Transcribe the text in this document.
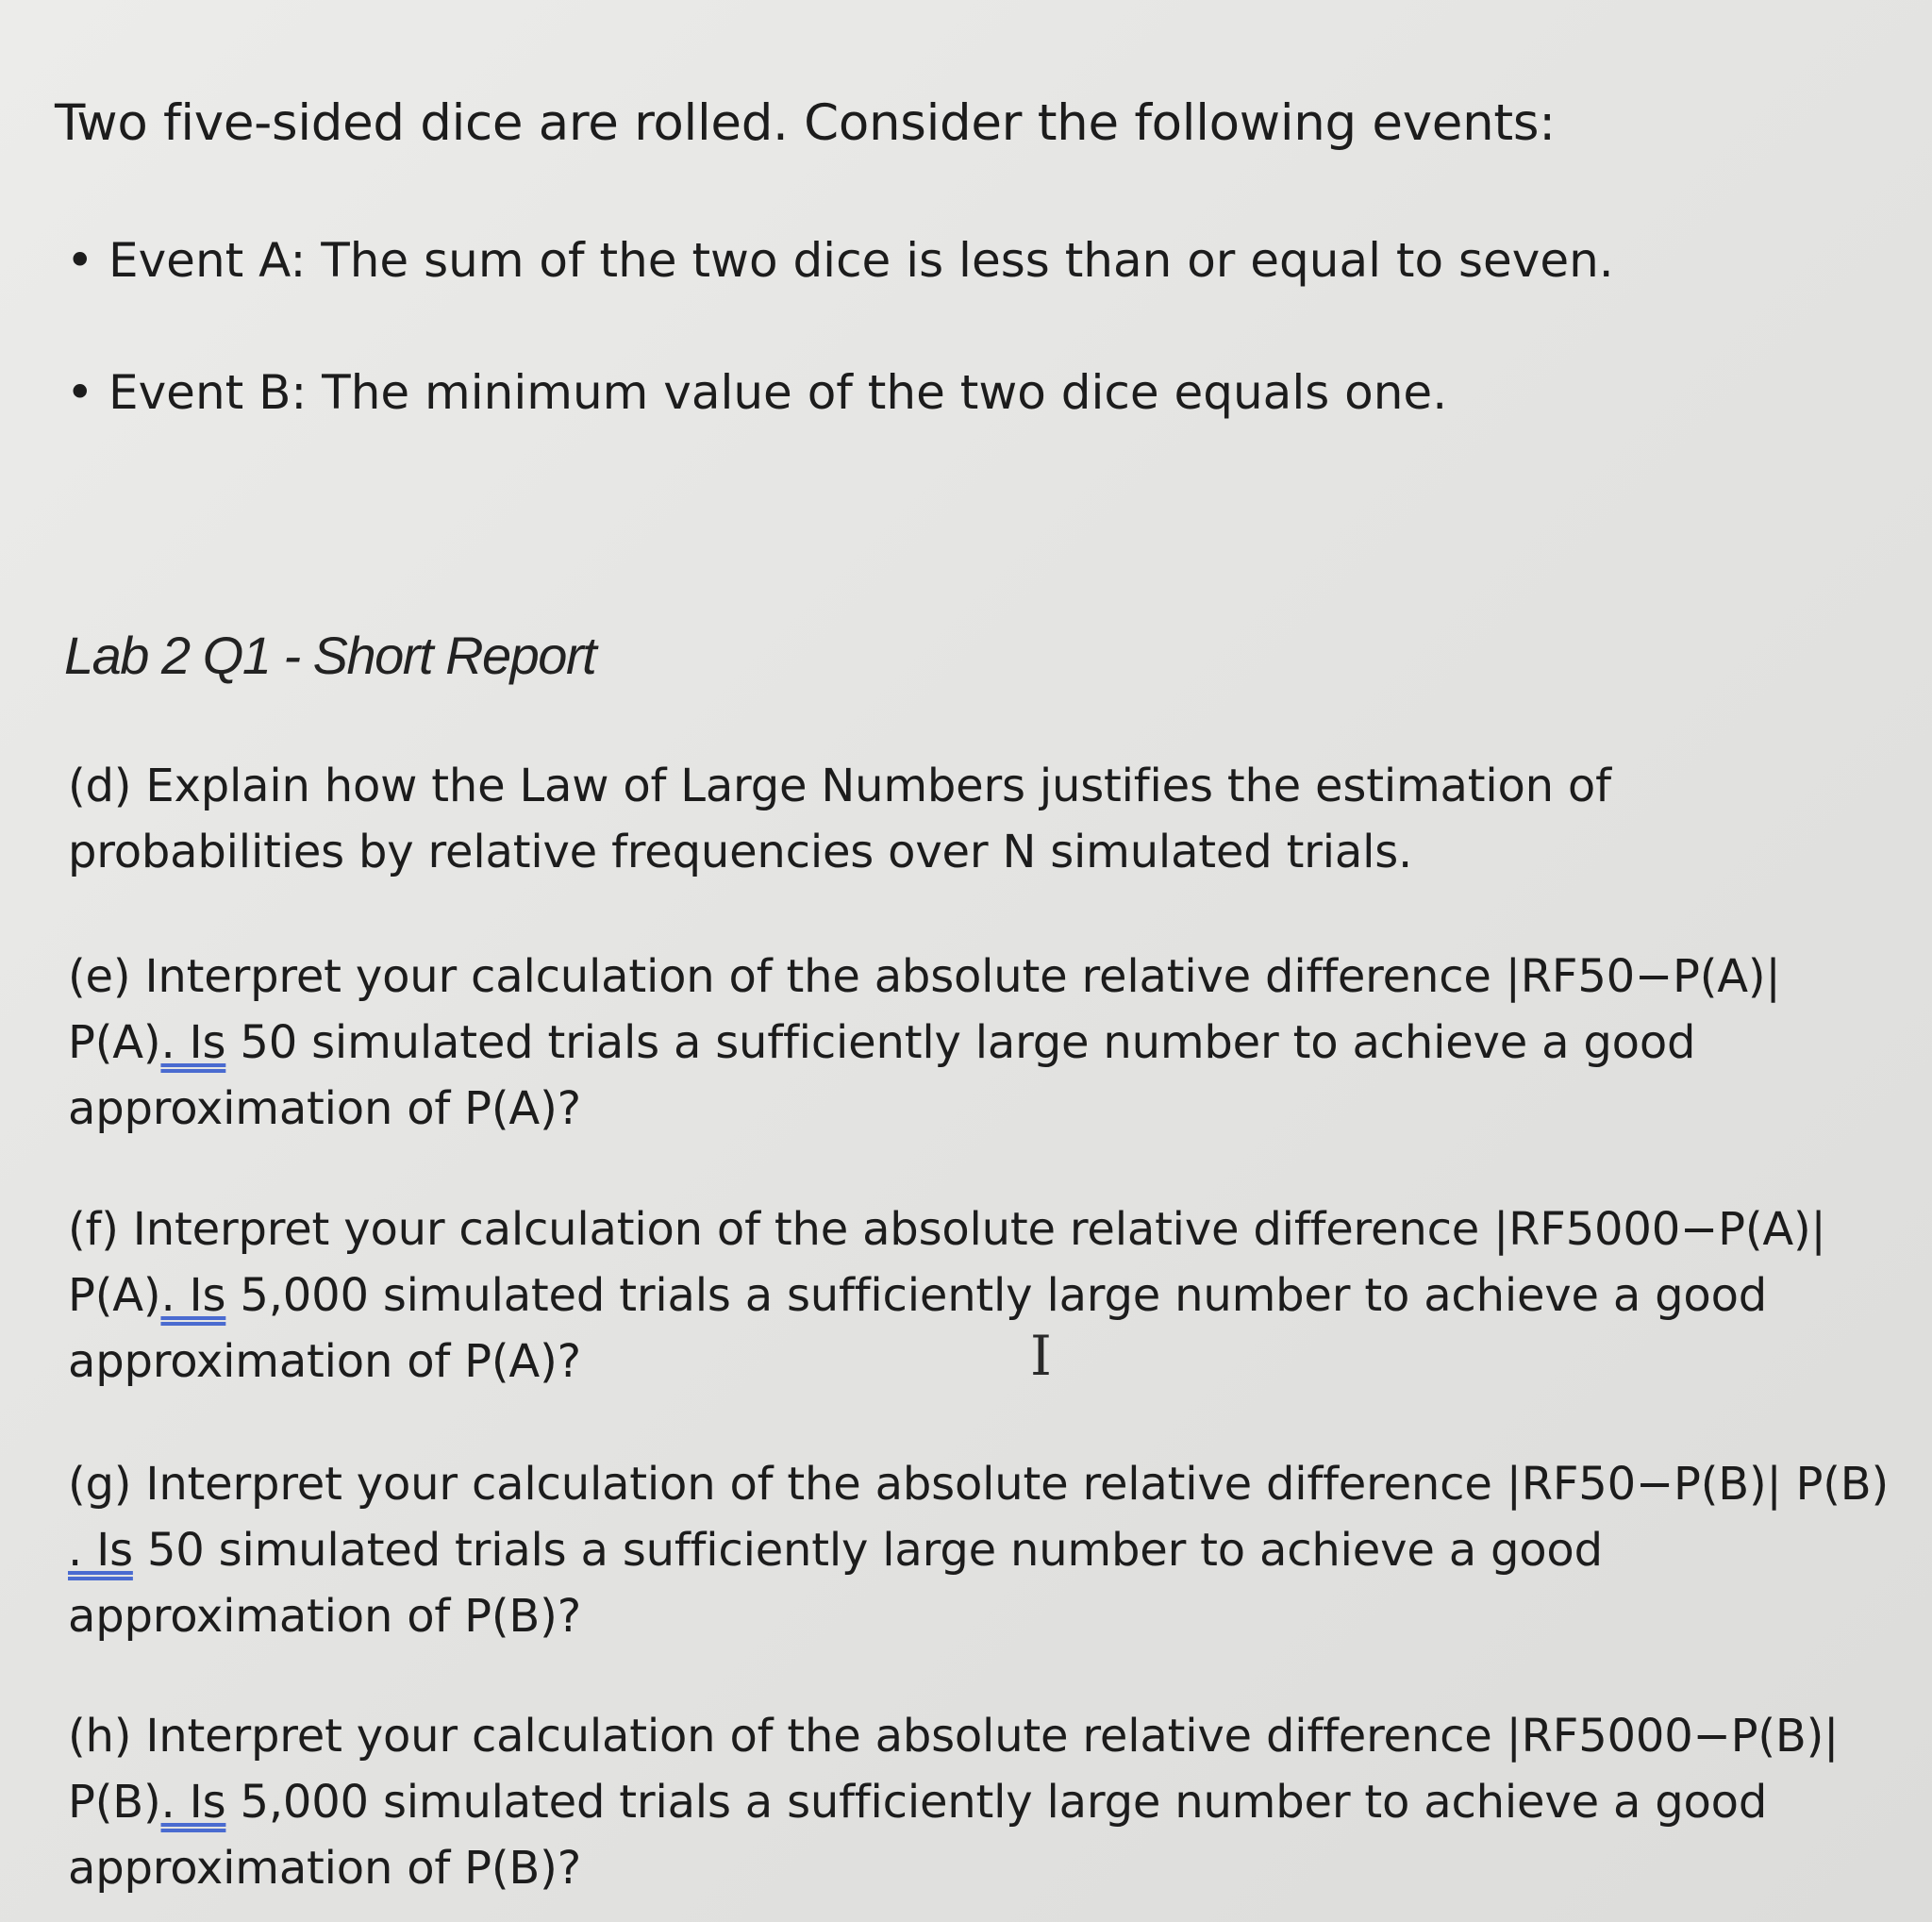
Two five-sided dice are rolled. Consider the following events:
• Event A: The sum of the two dice is less than or equal to seven.
• Event B: The minimum value of the two dice equals one.
Lab 2 Q1 - Short Report
(d) Explain how the Law of Large Numbers justifies the estimation of
probabilities by relative frequencies over N simulated trials.
(e) Interpret your calculation of the absolute relative difference |RF50−P(A)|
P(A). Is 50 simulated trials a sufficiently large number to achieve a good
approximation of P(A)?
(f) Interpret your calculation of the absolute relative difference |RF5000−P(A)|
P(A). Is 5,000 simulated trials a sufficiently large number to achieve a good
approximation of P(A)?
(g) Interpret your calculation of the absolute relative difference |RF50−P(B)| P(B)
. Is 50 simulated trials a sufficiently large number to achieve a good
approximation of P(B)?
(h) Interpret your calculation of the absolute relative difference |RF5000−P(B)|
P(B). Is 5,000 simulated trials a sufficiently large number to achieve a good
approximation of P(B)?
I
